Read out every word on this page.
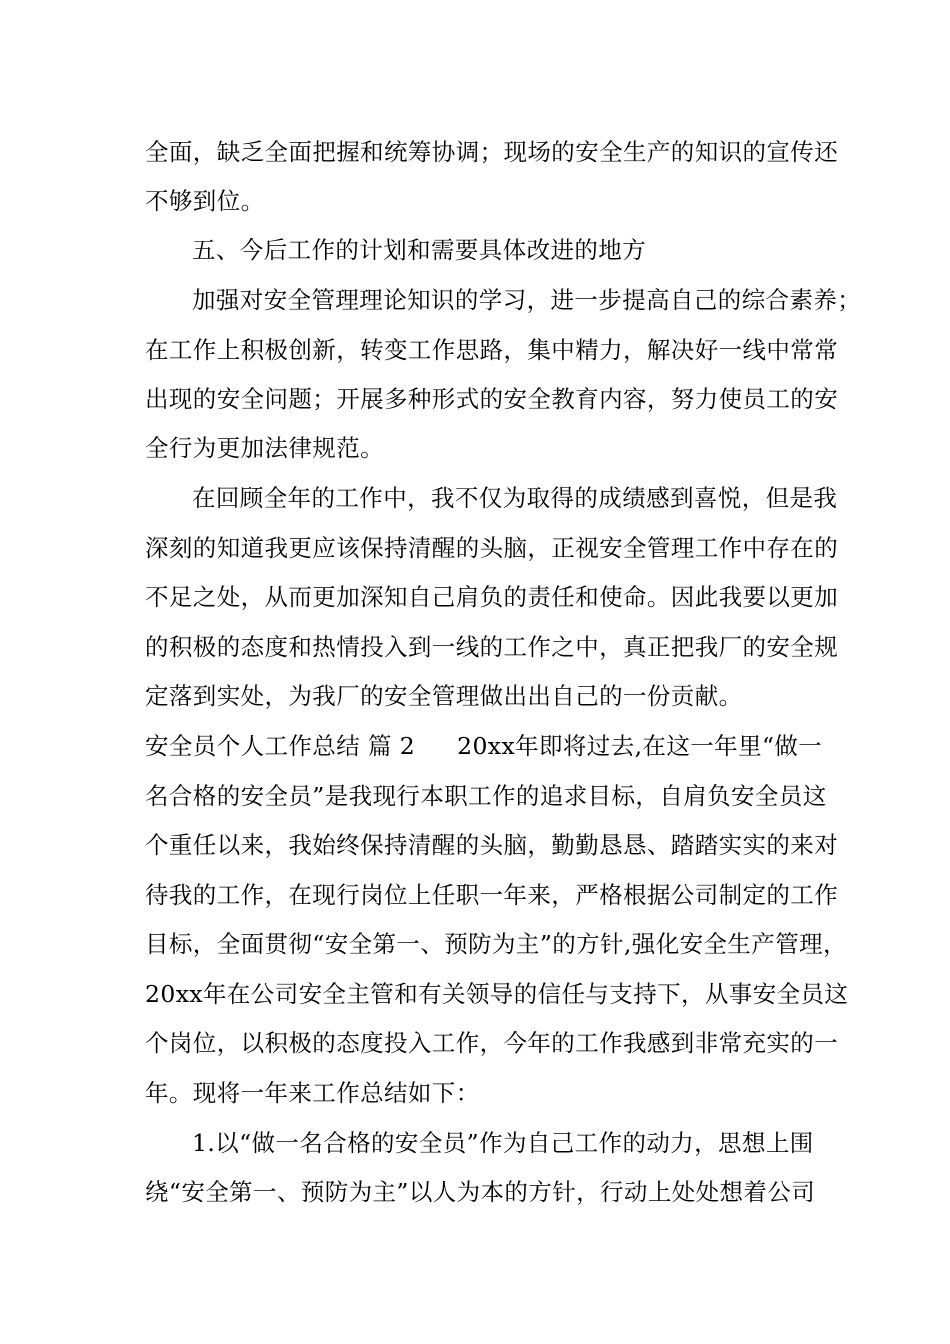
全面，缺乏全面把握和统筹协调；现场的安全生产的知识的宣传还
不够到位。
五、今后工作的计划和需要具体改进的地方
加强对安全管理理论知识的学习，进一步提高自己的综合素养；
在工作上积极创新，转变工作思路，集中精力，解决好一线中常常
出现的安全问题；开展多种形式的安全教育内容，努力使员工的安
全行为更加法律规范。
在回顾全年的工作中，我不仅为取得的成绩感到喜悦，但是我
深刻的知道我更应该保持清醒的头脑，正视安全管理工作中存在的
不足之处，从而更加深知自己肩负的责任和使命。因此我要以更加
的积极的态度和热情投入到一线的工作之中，真正把我厂的安全规
定落到实处，为我厂的安全管理做出出自己的一份贡献。
安全员个人工作总结 篇 2 20xx年即将过去,在这一年里“做一
名合格的安全员”是我现行本职工作的追求目标，自肩负安全员这
个重任以来，我始终保持清醒的头脑，勤勤恳恳、踏踏实实的来对
待我的工作，在现行岗位上任职一年来，严格根据公司制定的工作
目标，全面贯彻“安全第一、预防为主”的方针,强化安全生产管理，
20xx年在公司安全主管和有关领导的信任与支持下，从事安全员这
个岗位，以积极的态度投入工作，今年的工作我感到非常充实的一
年。现将一年来工作总结如下：
1.以“做一名合格的安全员”作为自己工作的动力，思想上围
绕“安全第一、预防为主”以人为本的方针，行动上处处想着公司
